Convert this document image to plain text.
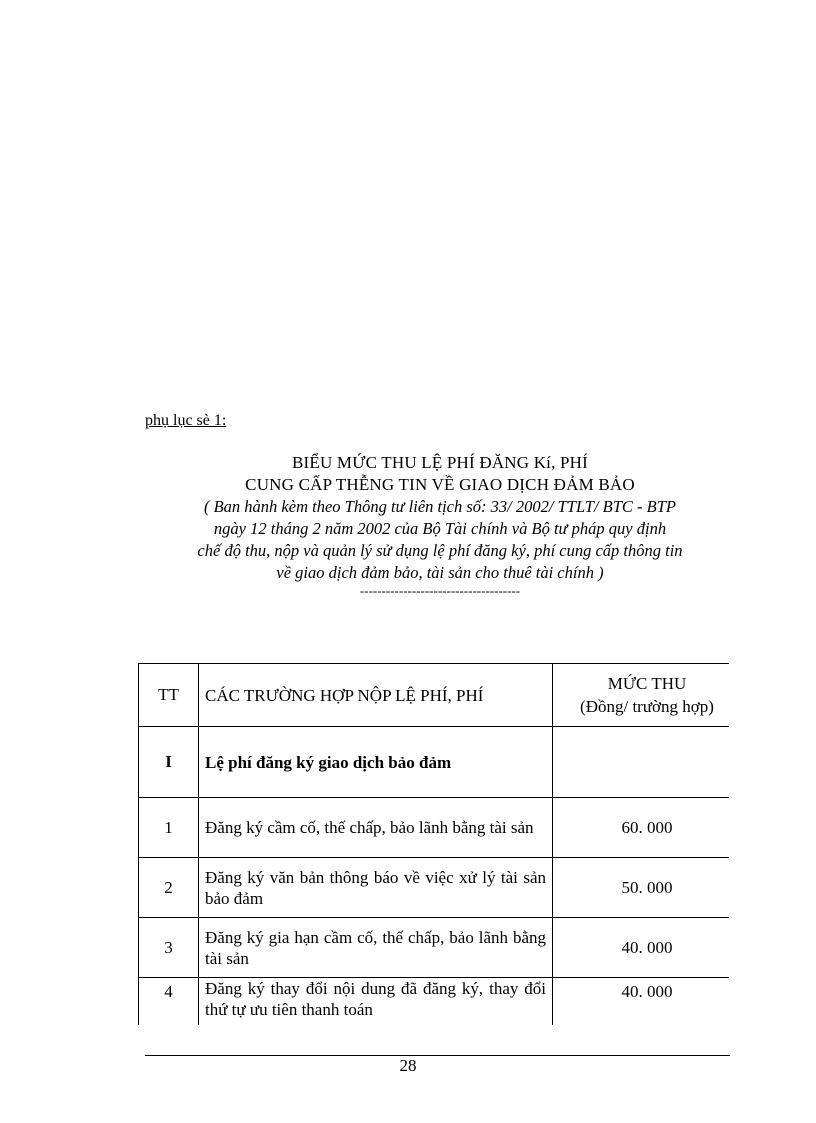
phụ lục sè 1:
BIỂU MỨC THU LỆ PHÍ ĐĂNG Kí, PHÍ
CUNG CẤP THỄNG TIN VỀ GIAO DỊCH ĐẢM BẢO
( Ban hành kèm theo Thông tư liên tịch số: 33/ 2002/ TTLT/ BTC - BTP
ngày 12 tháng 2 năm 2002 của Bộ Tài chính và Bộ tư pháp quy định
chế độ thu, nộp và quản lý sử dụng lệ phí đăng ký, phí cung cấp thông tin
về giao dịch đảm bảo, tài sản cho thuê tài chính )
-------------------------------------
TT	CÁC TRƯỜNG HỢP NỘP LỆ PHÍ, PHÍ	MỨC THU
(Đồng/ trường hợp)

I	Lệ phí đăng ký giao dịch bảo đảm	
1	Đăng ký cầm cố, thế chấp, bảo lãnh bằng tài sản	60. 000
2	Đăng ký văn bản thông báo về việc xử lý tài sản bảo đảm	50. 000
3	Đăng ký gia hạn cầm cố, thế chấp, bảo lãnh bằng tài sản	40. 000
4	Đăng ký thay đổi nội dung đã đăng ký, thay đổi thứ tự ưu tiên thanh toán	40. 000
28
